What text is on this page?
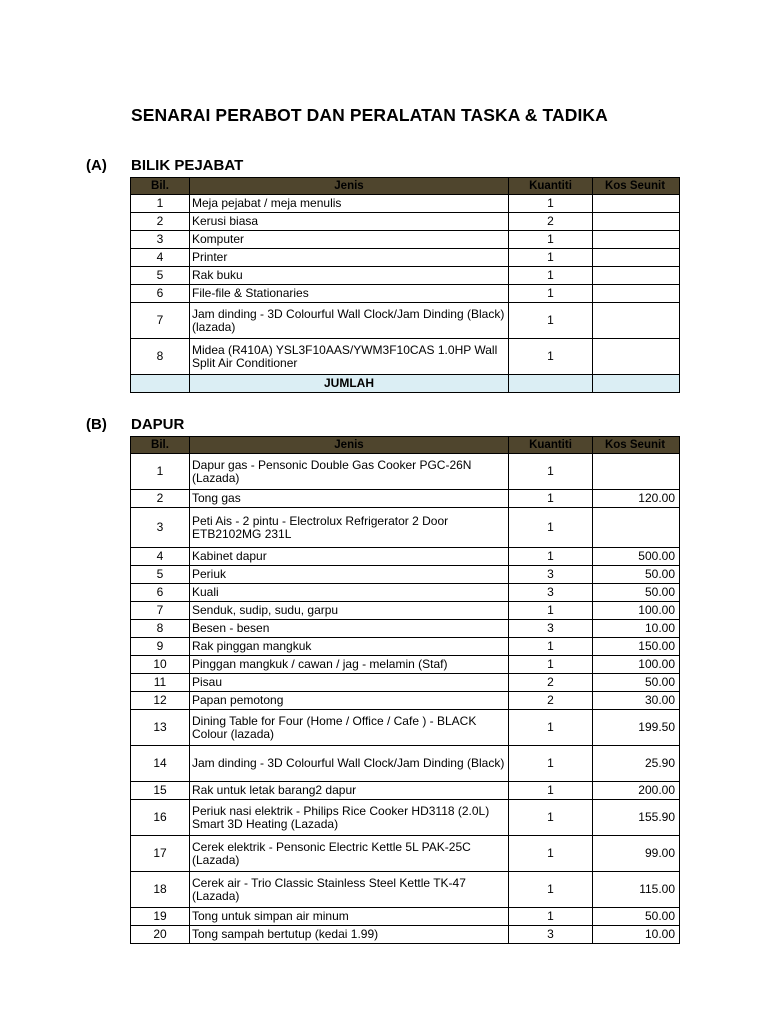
SENARAI PERABOT DAN PERALATAN TASKA & TADIKA
(A) BILIK PEJABAT
Bil.	Jenis	Kuantiti	Kos Seunit
1	Meja pejabat / meja menulis	1	
2	Kerusi biasa	2	
3	Komputer	1	
4	Printer	1	
5	Rak buku	1	
6	File-file & Stationaries	1	
7	Jam dinding - 3D Colourful Wall Clock/Jam Dinding (Black) (lazada)	1	
8	Midea (R410A) YSL3F10AAS/YWM3F10CAS 1.0HP Wall Split Air Conditioner	1	
	JUMLAH		
(B) DAPUR
Bil.	Jenis	Kuantiti	Kos Seunit
1	Dapur gas - Pensonic Double Gas Cooker PGC-26N (Lazada)	1	
2	Tong gas	1	120.00
3	Peti Ais - 2 pintu - Electrolux Refrigerator 2 Door ETB2102MG 231L	1	
4	Kabinet dapur	1	500.00
5	Periuk	3	50.00
6	Kuali	3	50.00
7	Senduk, sudip, sudu, garpu	1	100.00
8	Besen - besen	3	10.00
9	Rak pinggan mangkuk	1	150.00
10	Pinggan mangkuk / cawan / jag - melamin (Staf)	1	100.00
11	Pisau	2	50.00
12	Papan pemotong	2	30.00
13	Dining Table for Four (Home / Office / Cafe ) - BLACK Colour (lazada)	1	199.50
14	Jam dinding - 3D Colourful Wall Clock/Jam Dinding (Black)	1	25.90
15	Rak untuk letak barang2 dapur	1	200.00
16	Periuk nasi elektrik - Philips Rice Cooker HD3118 (2.0L) Smart 3D Heating (Lazada)	1	155.90
17	Cerek elektrik - Pensonic Electric Kettle 5L PAK-25C (Lazada)	1	99.00
18	Cerek air - Trio Classic Stainless Steel Kettle TK-47 (Lazada)	1	115.00
19	Tong untuk simpan air minum	1	50.00
20	Tong sampah bertutup (kedai 1.99)	3	10.00
